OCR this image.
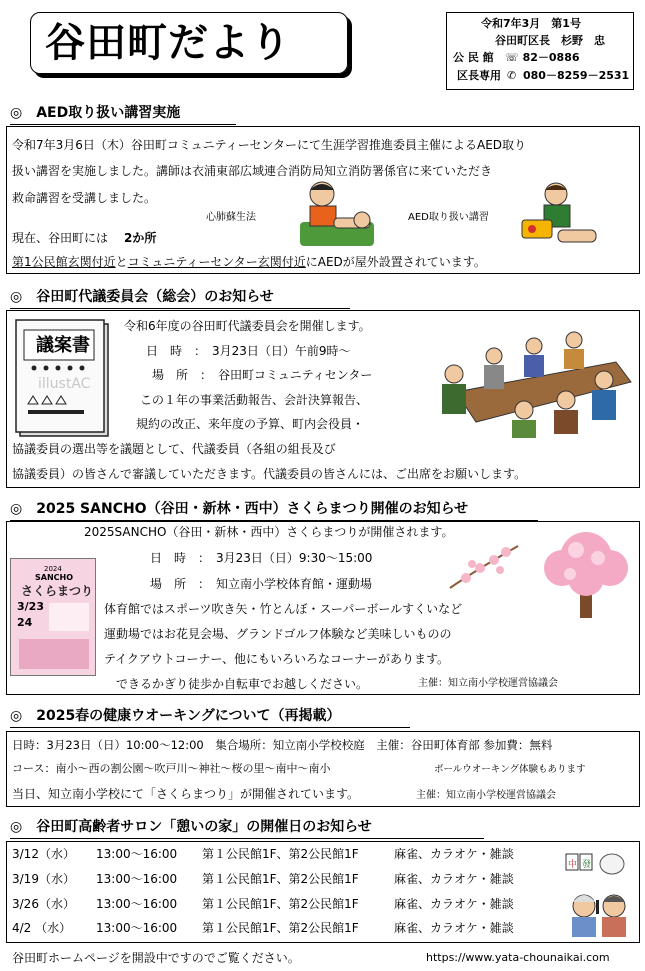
谷田町だより	令和7年3月　第1号
谷田町区長　杉野　忠
公 民 館 ☏ 82－0886
区長専用 ✆ 080－8259－2531
◎　AED取り扱い講習実施
令和7年3月6日（木）谷田町コミュニティーセンターにて生涯学習推進委員主催によるAED取り
扱い講習を実施しました。講師は衣浦東部広域連合消防局知立消防署係官に来ていただき
救命講習を受講しました。
心肺蘇生法	AED取り扱い講習
現在、谷田町には 2か所
第1公民館玄関付近とコミュニティーセンター玄関付近にAEDが屋外設置されています。
◎　谷田町代議委員会（総会）のお知らせ
議案書
illustAC
令和6年度の谷田町代議委員会を開催します。
日　時　：　3月23日（日）午前9時～
場　所　：　谷田町コミュニティセンター
この１年の事業活動報告、会計決算報告、
規約の改正、来年度の予算、町内会役員・
協議委員の選出等を議題として、代議委員（各組の組長及び
協議委員）の皆さんで審議していただきます。代議委員の皆さんには、ご出席をお願いします。
◎　2025 SANCHO（谷田・新林・西中）さくらまつり開催のお知らせ
2025SANCHO（谷田・新林・西中）さくらまつりが開催されます。
2024
SANCHO
さくらまつり
3/23
24
日　時　：　3月23日（日）9:30～15:00
場　所　：　知立南小学校体育館・運動場
体育館ではスポーツ吹き矢・竹とんぼ・スーパーボールすくいなど
運動場ではお花見会場、グランドゴルフ体験など美味しいものの
テイクアウトコーナー、他にもいろいろなコーナーがあります。
できるかぎり徒歩か自転車でお越しください。	主催：知立南小学校運営協議会
◎　2025春の健康ウオーキングについて（再掲載）
日時：3月23日（日）10:00～12:00　集合場所：知立南小学校校庭　主催：谷田町体育部 参加費：無料
コース：南小～西の割公園～吹戸川～神社～桜の里～南中～南小	ボールウオーキング体験もあります
当日、知立南小学校にて「さくらまつり」が開催されています。	主催：知立南小学校運営協議会
◎　谷田町高齢者サロン「憩いの家」の開催日のお知らせ
3/12（水） 13:00～16:00 第１公民館1F、第2公民館1F	麻雀、カラオケ・雑談
3/19（水） 13:00～16:00 第１公民館1F、第2公民館1F	麻雀、カラオケ・雑談
3/26（水） 13:00～16:00 第１公民館1F、第2公民館1F	麻雀、カラオケ・雑談
4/2 （水） 13:00～16:00 第１公民館1F、第2公民館1F	麻雀、カラオケ・雑談
中 發
谷田町ホームページを開設中ですのでご覧ください。	https://www.yata-chounaikai.com
